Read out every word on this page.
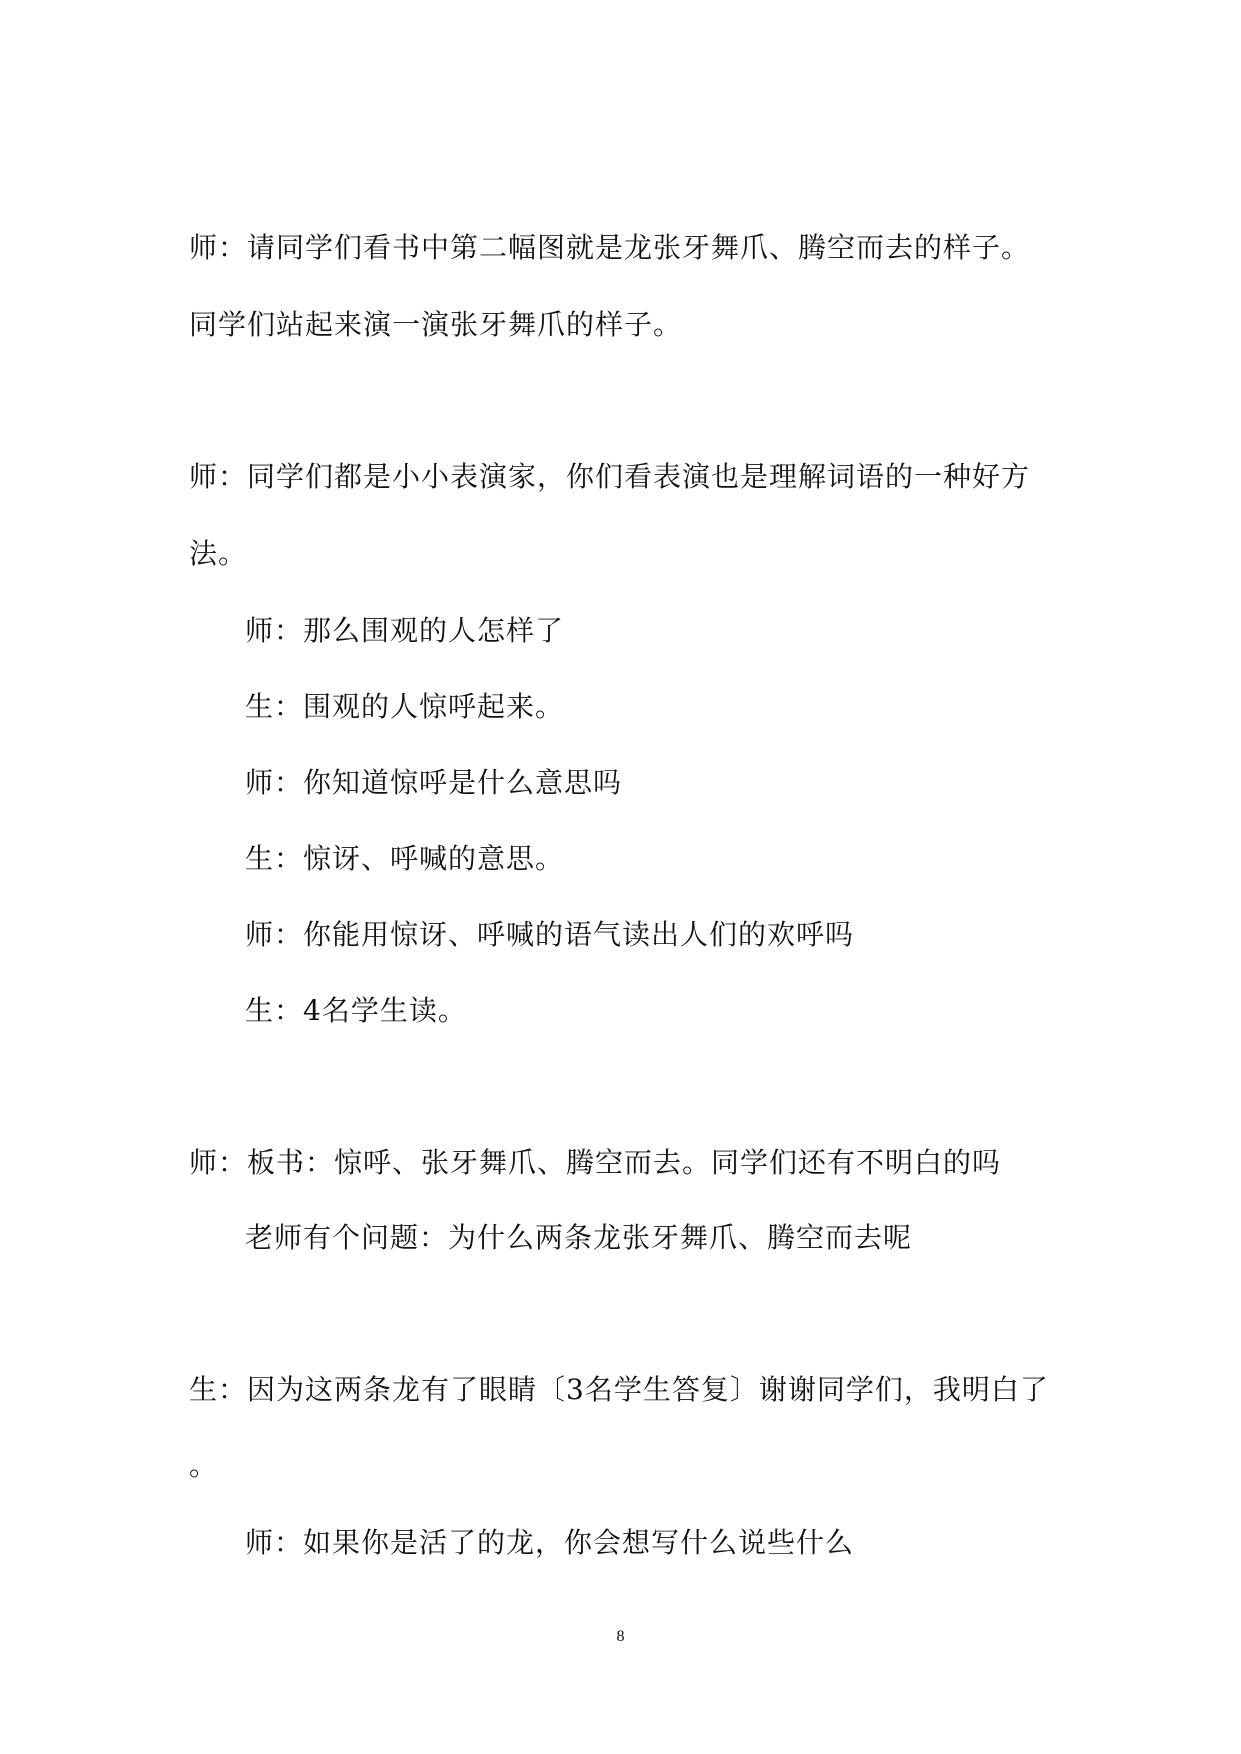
师：请同学们看书中第二幅图就是龙张牙舞爪、腾空而去的样子。
同学们站起来演一演张牙舞爪的样子。
师：同学们都是小小表演家，你们看表演也是理解词语的一种好方
法。
师：那么围观的人怎样了
生：围观的人惊呼起来。
师：你知道惊呼是什么意思吗
生：惊讶、呼喊的意思。
师：你能用惊讶、呼喊的语气读出人们的欢呼吗
生：4名学生读。
师：板书：惊呼、张牙舞爪、腾空而去。同学们还有不明白的吗
老师有个问题：为什么两条龙张牙舞爪、腾空而去呢
生：因为这两条龙有了眼睛〔3名学生答复〕谢谢同学们，我明白了
。
师：如果你是活了的龙，你会想写什么说些什么
8
